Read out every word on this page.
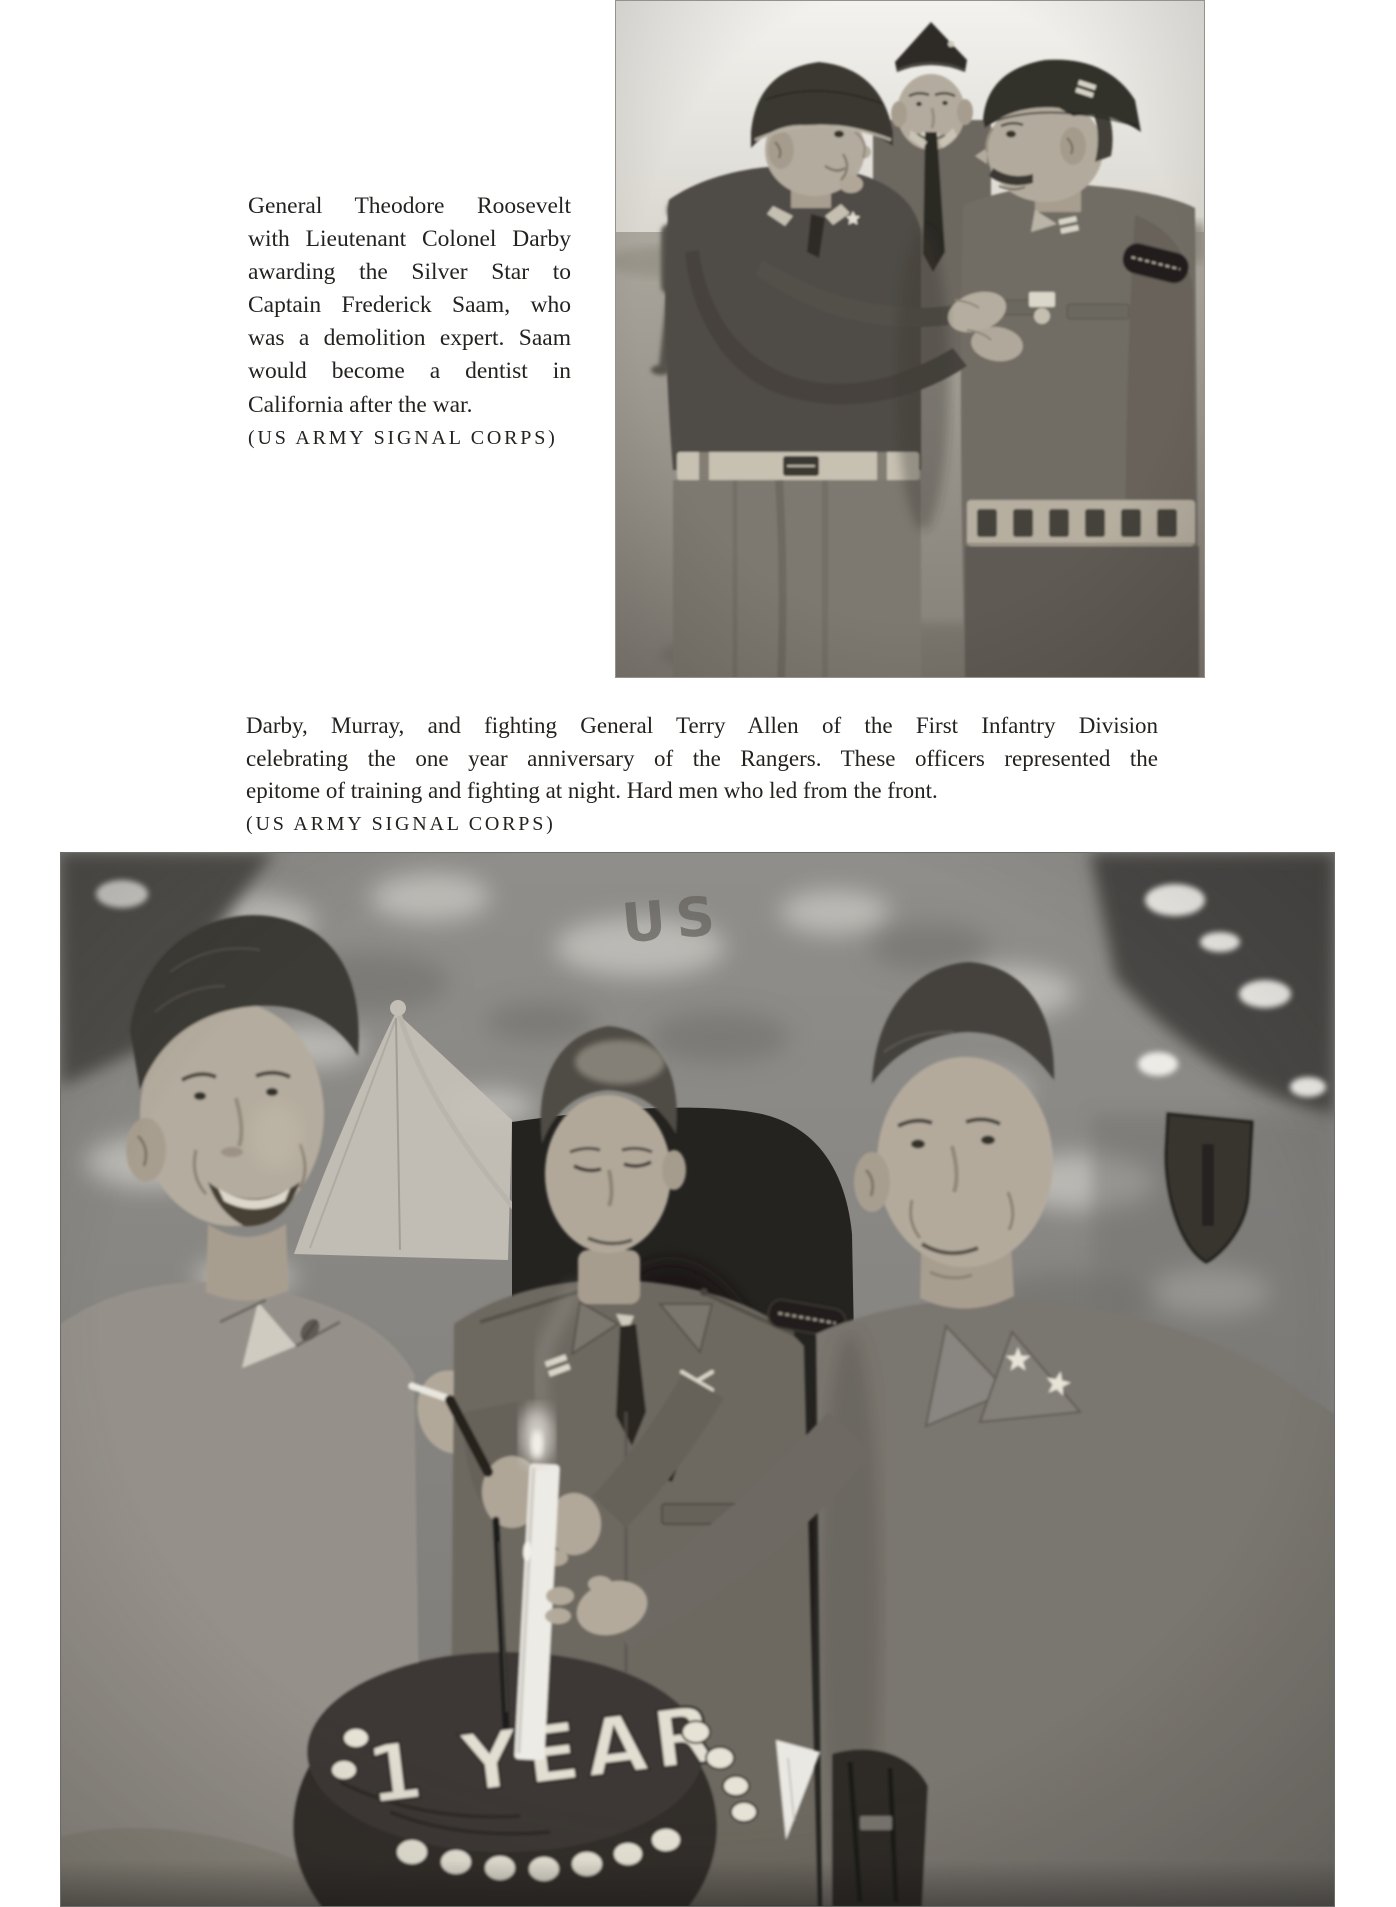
General Theodore Roosevelt
with Lieutenant Colonel Darby
awarding the Silver Star to
Captain Frederick Saam, who
was a demolition expert. Saam
would become a dentist in
California after the war.
(US ARMY SIGNAL CORPS)
Darby, Murray, and fighting General Terry Allen of the First Infantry Division
celebrating the one year anniversary of the Rangers. These officers represented the
epitome of training and fighting at night. Hard men who led from the front.
(US ARMY SIGNAL CORPS)
